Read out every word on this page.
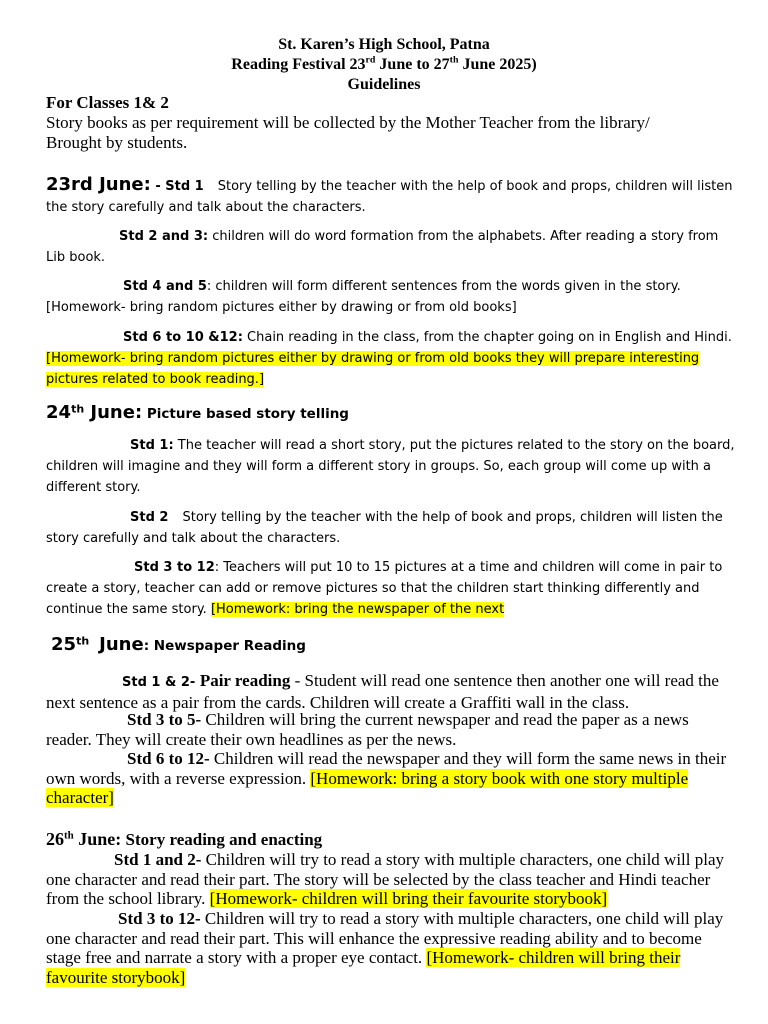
St. Karen’s High School, Patna
Reading Festival 23rd June to 27th June 2025)
Guidelines
For Classes 1& 2
Story books as per requirement will be collected by the Mother Teacher from the library/
Brought by students.
23rd June: - Std 1 Story telling by the teacher with the help of book and props, children will listen the story carefully and talk about the characters.
Std 2 and 3: children will do word formation from the alphabets. After reading a story from Lib book.
Std 4 and 5: children will form different sentences from the words given in the story.
[Homework- bring random pictures either by drawing or from old books]
Std 6 to 10 &12: Chain reading in the class, from the chapter going on in English and Hindi.
[Homework- bring random pictures either by drawing or from old books they will prepare interesting pictures related to book reading.]
24th June: Picture based story telling
Std 1: The teacher will read a short story, put the pictures related to the story on the board, children will imagine and they will form a different story in groups. So, each group will come up with a different story.
Std 2 Story telling by the teacher with the help of book and props, children will listen the story carefully and talk about the characters.
Std 3 to 12: Teachers will put 10 to 15 pictures at a time and children will come in pair to create a story, teacher can add or remove pictures so that the children start thinking differently and continue the same story. [Homework: bring the newspaper of the next
25th June: Newspaper Reading
Std 1 & 2- Pair reading - Student will read one sentence then another one will read the next sentence as a pair from the cards. Children will create a Graffiti wall in the class.
Std 3 to 5- Children will bring the current newspaper and read the paper as a news reader. They will create their own headlines as per the news.
Std 6 to 12- Children will read the newspaper and they will form the same news in their own words, with a reverse expression. [Homework: bring a story book with one story multiple character]
26th June: Story reading and enacting
Std 1 and 2- Children will try to read a story with multiple characters, one child will play one character and read their part. The story will be selected by the class teacher and Hindi teacher from the school library. [Homework- children will bring their favourite storybook]
Std 3 to 12- Children will try to read a story with multiple characters, one child will play one character and read their part. This will enhance the expressive reading ability and to become stage free and narrate a story with a proper eye contact. [Homework- children will bring their favourite storybook]
